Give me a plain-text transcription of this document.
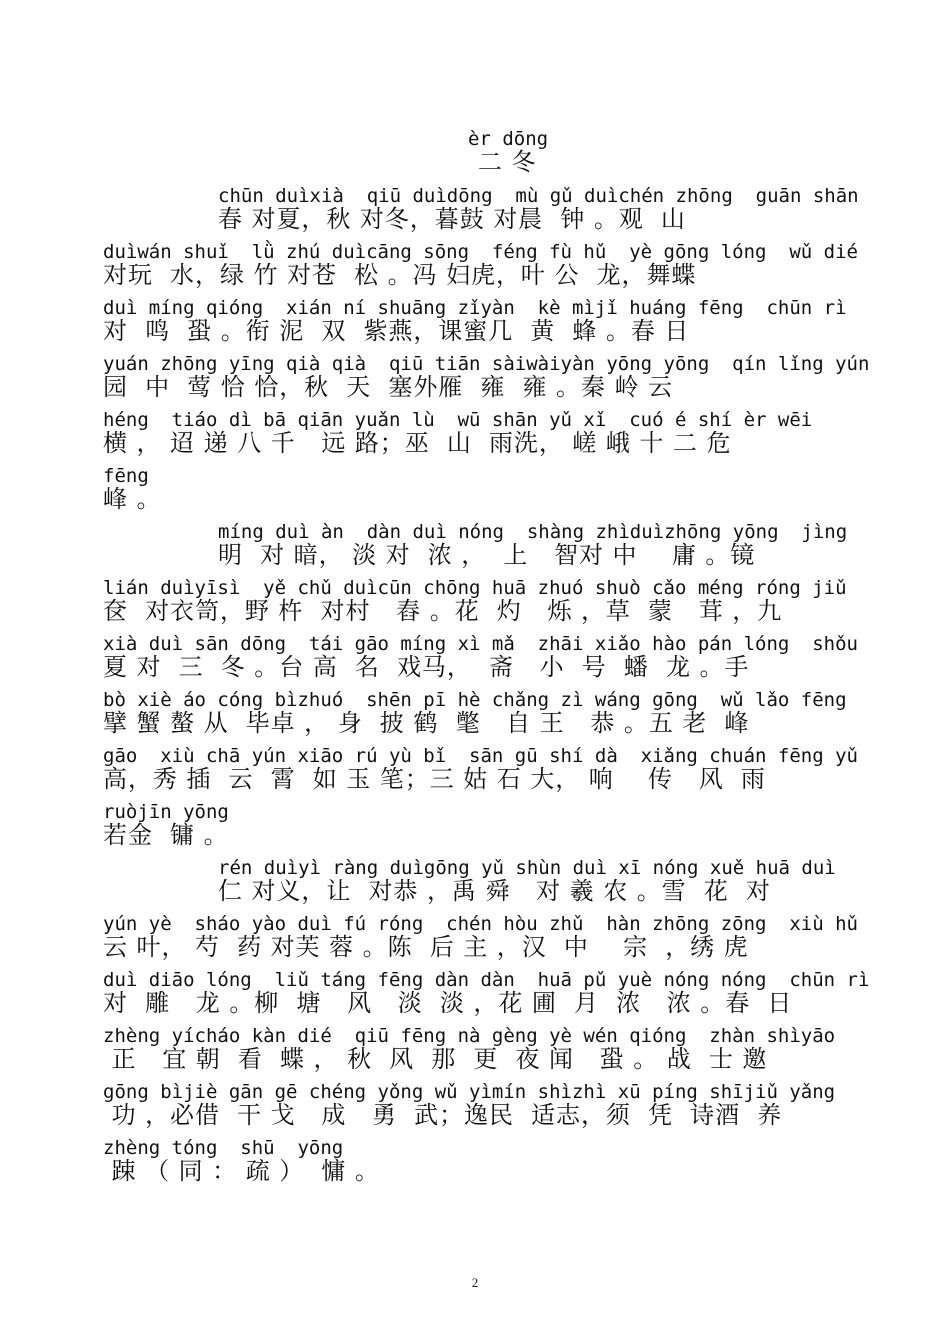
èr dōng
二 冬
chūn duìxià  qiū duìdōng  mù gǔ duìchén zhōng  guān shān
春 对夏，秋 对冬，暮鼓 对晨  钟 。观  山
duìwán shuǐ  lǜ zhú duìcāng sōng  féng fù hǔ  yè gōng lóng  wǔ dié
对玩  水，绿 竹 对苍  松 。冯 妇虎，叶 公  龙，舞蝶
duì míng qióng  xián ní shuāng zǐyàn  kè mìjǐ huáng fēng  chūn rì
对  鸣  蛩 。衔 泥  双  紫燕，课蜜几  黄  蜂 。春 日
yuán zhōng yīng qià qià  qiū tiān sàiwàiyàn yōng yōng  qín lǐng yún
园  中  莺 恰 恰，秋  天  塞外雁  雍  雍 。秦 岭 云
héng  tiáo dì bā qiān yuǎn lù  wū shān yǔ xǐ  cuó é shí èr wēi
横 ， 迢 递 八 千   远 路；巫  山  雨洗， 嵯 峨 十 二 危
fēng
峰 。
míng duì àn  dàn duì nóng  shàng zhìduìzhōng yōng  jìng
明  对 暗， 淡 对  浓 ，  上   智对 中    庸 。镜
lián duìyīsì  yě chǔ duìcūn chōng huā zhuó shuò cǎo méng róng jiǔ
奁  对衣笥，野 杵  对村   舂 。花  灼   烁 ，草  蒙   茸 ，九
xià duì sān dōng  tái gāo míng xì mǎ  zhāi xiǎo hào pán lóng  shǒu
夏 对  三  冬 。台 高  名  戏马，  斋   小  号  蟠  龙 。手
bò xiè áo cóng bìzhuó  shēn pī hè chǎng zì wáng gōng  wǔ lǎo fēng
擘 蟹 螯 从  毕卓 ， 身  披 鹤  氅   自 王   恭 。五 老  峰
gāo  xiù chā yún xiāo rú yù bǐ  sān gū shí dà  xiǎng chuán fēng yǔ
高，秀 插  云  霄  如 玉 笔；三 姑 石 大， 响    传   风  雨
ruòjīn yōng
若金  镛 。
rén duìyì ràng duìgōng yǔ shùn duì xī nóng xuě huā duì
仁 对义，让  对恭 ，禹 舜   对 羲 农 。雪  花  对
yún yè  sháo yào duì fú róng  chén hòu zhǔ  hàn zhōng zōng  xiù hǔ
云 叶， 芍  药 对芙 蓉 。陈  后 主 ，汉  中    宗  ，绣 虎
duì diāo lóng  liǔ táng fēng dàn dàn  huā pǔ yuè nóng nóng  chūn rì
对  雕   龙 。柳  塘   风   淡  淡 ，花 圃  月  浓   浓 。春  日
zhèng yícháo kàn dié  qiū fēng nà gèng yè wén qióng  zhàn shìyāo
正   宜 朝  看  蝶 ， 秋  风  那  更  夜 闻   蛩 。 战  士 邀
gōng bìjiè gān gē chéng yǒng wǔ yìmín shìzhì xū píng shījiǔ yǎng
功 ，必借  干 戈   成   勇  武；逸民  适志，须  凭  诗酒  养
zhèng tóng  shū  yōng
踈 （ 同 ： 疏 ）  慵 。
2
